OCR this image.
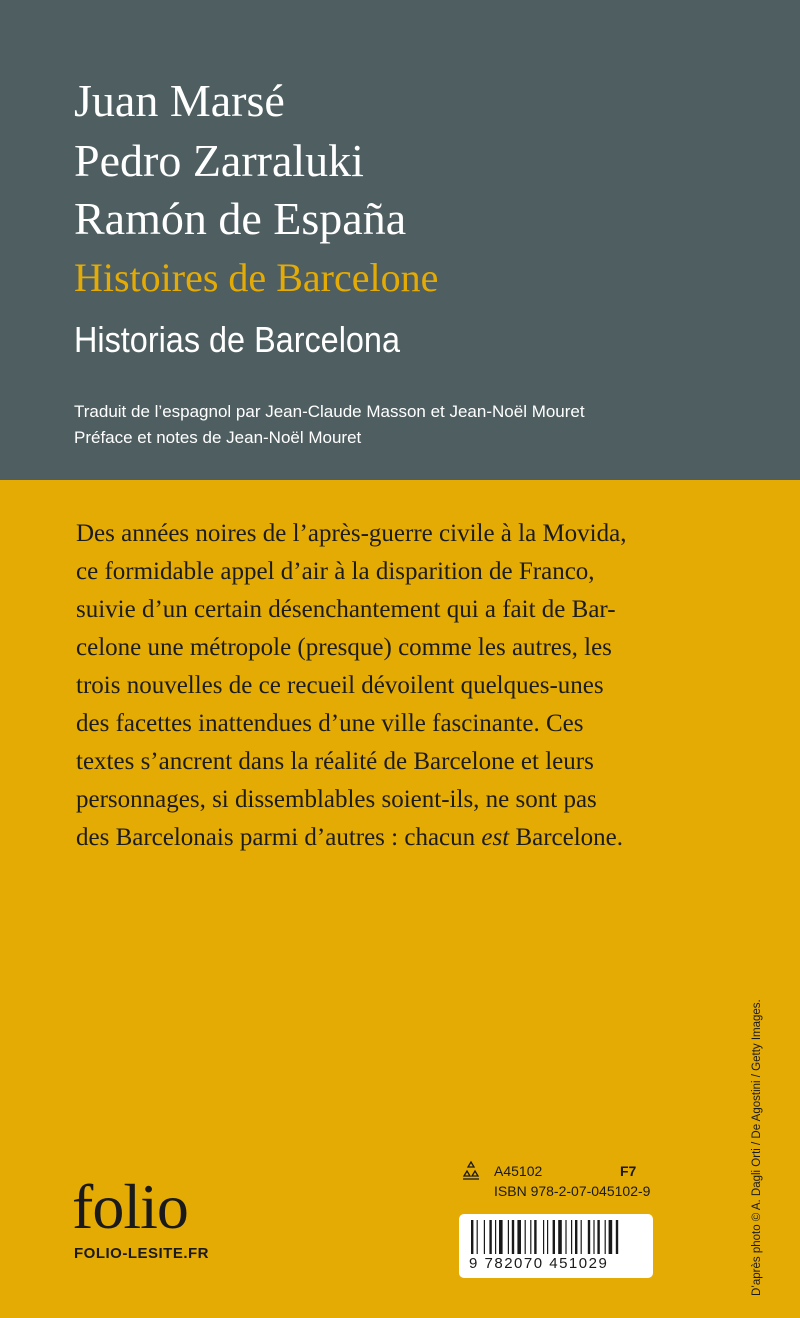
Juan Marsé
Pedro Zarraluki
Ramón de España
Histoires de Barcelone
Historias de Barcelona
Traduit de l’espagnol par Jean-Claude Masson et Jean-Noël Mouret
Préface et notes de Jean-Noël Mouret
Des années noires de l’après-guerre civile à la Movida,
ce formidable appel d’air à la disparition de Franco,
suivie d’un certain désenchantement qui a fait de Bar-
celone une métropole (presque) comme les autres, les
trois nouvelles de ce recueil dévoilent quelques-unes
des facettes inattendues d’une ville fascinante. Ces
textes s’ancrent dans la réalité de Barcelone et leurs
personnages, si dissemblables soient-ils, ne sont pas
des Barcelonais parmi d’autres : chacun est Barcelone.
folio
FOLIO-LESITE.FR
A45102	F7
ISBN 978-2-07-045102-9
9 782070 451029	D’après photo © A. Dagli Orti / De Agostini / Getty Images.
